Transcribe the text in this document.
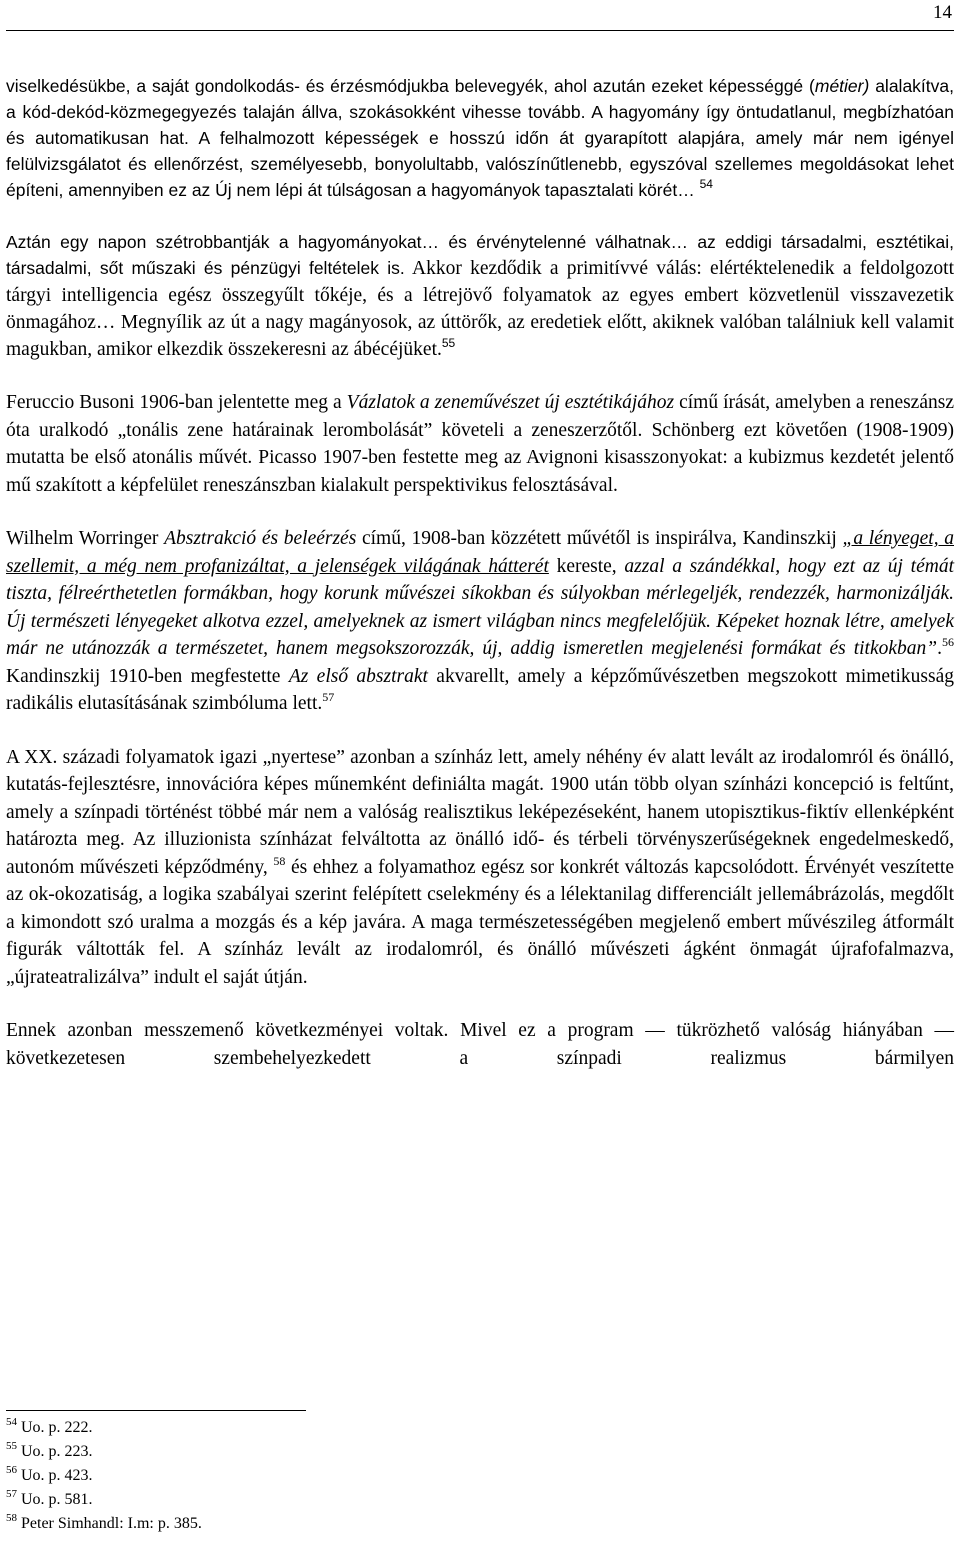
14

viselkedésükbe, a saját gondolkodás- és érzésmódjukba belevegyék, ahol azután ezeket képességgé (métier) alalakítva, a kód-dekód-közmegegyezés talaján állva, szokásokként vihesse tovább. A hagyomány így öntudatlanul, megbízhatóan és automatikusan hat. A felhalmozott képességek e hosszú időn át gyarapított alapjára, amely már nem igényel felülvizsgálatot és ellenőrzést, személyesebb, bonyolultabb, valószínűtlenebb, egyszóval szellemes megoldásokat lehet építeni, amennyiben ez az Új nem lépi át túlságosan a hagyományok tapasztalati körét… $^{54}$

Aztán egy napon szétrobbantják a hagyományokat… és érvénytelenné válhatnak… az eddigi társadalmi, esztétikai, társadalmi, sőt műszaki és pénzügyi feltételek is. Akkor kezdődik a primitívvé válás: elértéktelenedik a feldolgozott tárgyi intelligencia egész összegyűlt tőkéje, és a létrejövő folyamatok az egyes embert közvetlenül visszavezetik önmagához… Megnyílik az út a nagy magányosok, az úttörők, az eredetiek előtt, akiknek valóban találniuk kell valamit magukban, amikor elkezdik összekeresni az ábécéjüket.$^{55}$

Feruccio Busoni 1906-ban jelentette meg a Vázlatok a zeneművészet új esztétikájához című írását, amelyben a reneszánsz óta uralkodó „tonális zene határainak lerombolását” követeli a zeneszerzőtől. Schönberg ezt követően (1908-1909) mutatta be első atonális művét. Picasso 1907-ben festette meg az Avignoni kisasszonyokat: a kubizmus kezdetét jelentő mű szakított a képfelület reneszánszban kialakult perspektivikus felosztásával.

Wilhelm Worringer Absztrakció és beleérzés című, 1908-ban közzétett művétől is inspirálva, Kandinszkij „a lényeget, a szellemit, a még nem profanizáltat, a jelenségek világának hátterét kereste, azzal a szándékkal, hogy ezt az új témát tiszta, félreérthetetlen formákban, hogy korunk művészei síkokban és súlyokban mérlegeljék, rendezzék, harmonizálják. Új természeti lényegeket alkotva ezzel, amelyeknek az ismert világban nincs megfelelőjük. Képeket hoznak létre, amelyek már ne utánozzák a természetet, hanem megsokszorozzák, új, addig ismeretlen megjelenési formákat és titkokban”.$^{56}$ Kandinszkij 1910-ben megfestette Az első absztrakt akvarellt, amely a képzőművészetben megszokott mimetikusság radikális elutasításának szimbóluma lett.$^{57}$

A XX. századi folyamatok igazi „nyertese” azonban a színház lett, amely néhény év alatt levált az irodalomról és önálló, kutatás-fejlesztésre, innovációra képes műnemként definiálta magát. 1900 után több olyan színházi koncepció is feltűnt, amely a színpadi történést többé már nem a valóság realisztikus leképezéseként, hanem utopisztikus-fiktív ellenképként határozta meg. Az illuzionista színházat felváltotta az önálló idő- és térbeli törvényszerűségeknek engedelmeskedő, autonóm művészeti képződmény, $^{58}$ és ehhez a folyamathoz egész sor konkrét változás kapcsolódott. Érvényét veszítette az ok-okozatiság, a logika szabályai szerint felépített cselekmény és a lélektanilag differenciált jellemábrázolás, megdőlt a kimondott szó uralma a mozgás és a kép javára. A maga természetességében megjelenő embert művészileg átformált figurák váltották fel. A színház levált az irodalomról, és önálló művészeti ágként önmagát újrafofalmazva, „újrateatralizálva” indult el saját útján.

Ennek azonban messzemenő következményei voltak. Mivel ez a program — tükrözhető valóság hiányában — következetesen szembehelyezkedett a színpadi realizmus bármilyen

$^{54}$ Uo. p. 222.
$^{55}$ Uo. p. 223.
$^{56}$ Uo. p. 423.
$^{57}$ Uo. p. 581.
$^{58}$ Peter Simhandl: I.m: p. 385.
